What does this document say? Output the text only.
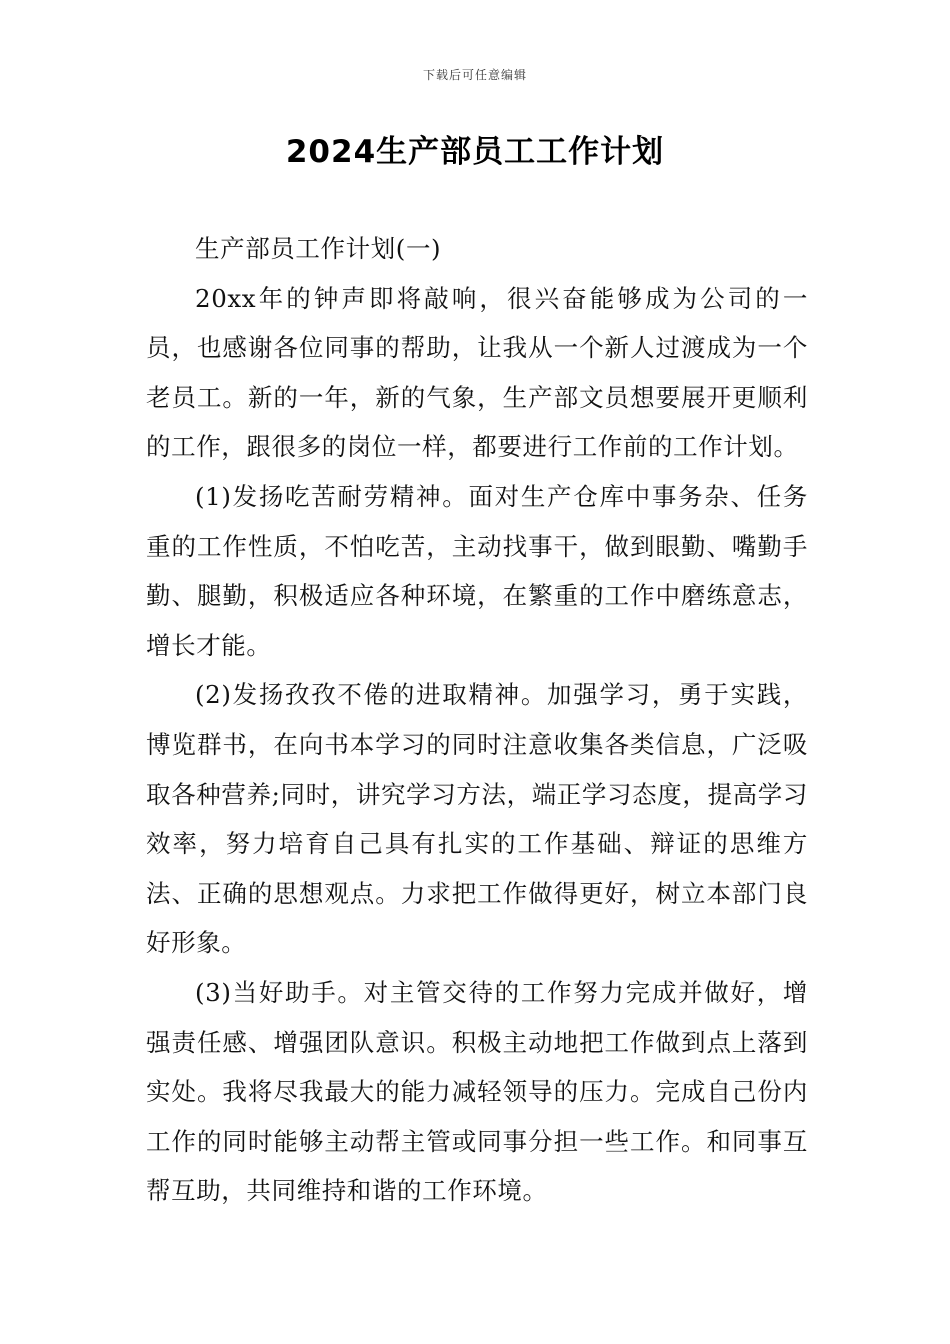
下载后可任意编辑
2024生产部员工工作计划

生产部员工作计划(一)

20xx年的钟声即将敲响，很兴奋能够成为公司的一员，也感谢各位同事的帮助，让我从一个新人过渡成为一个老员工。新的一年，新的气象，生产部文员想要展开更顺利的工作，跟很多的岗位一样，都要进行工作前的工作计划。

(1)发扬吃苦耐劳精神。面对生产仓库中事务杂、任务重的工作性质，不怕吃苦，主动找事干，做到眼勤、嘴勤手勤、腿勤，积极适应各种环境，在繁重的工作中磨练意志，增长才能。

(2)发扬孜孜不倦的进取精神。加强学习，勇于实践，博览群书，在向书本学习的同时注意收集各类信息，广泛吸取各种营养;同时，讲究学习方法，端正学习态度，提高学习效率，努力培育自己具有扎实的工作基础、辩证的思维方法、正确的思想观点。力求把工作做得更好，树立本部门良好形象。

(3)当好助手。对主管交待的工作努力完成并做好，增强责任感、增强团队意识。积极主动地把工作做到点上落到实处。我将尽我最大的能力减轻领导的压力。完成自己份内工作的同时能够主动帮主管或同事分担一些工作。和同事互帮互助，共同维持和谐的工作环境。
